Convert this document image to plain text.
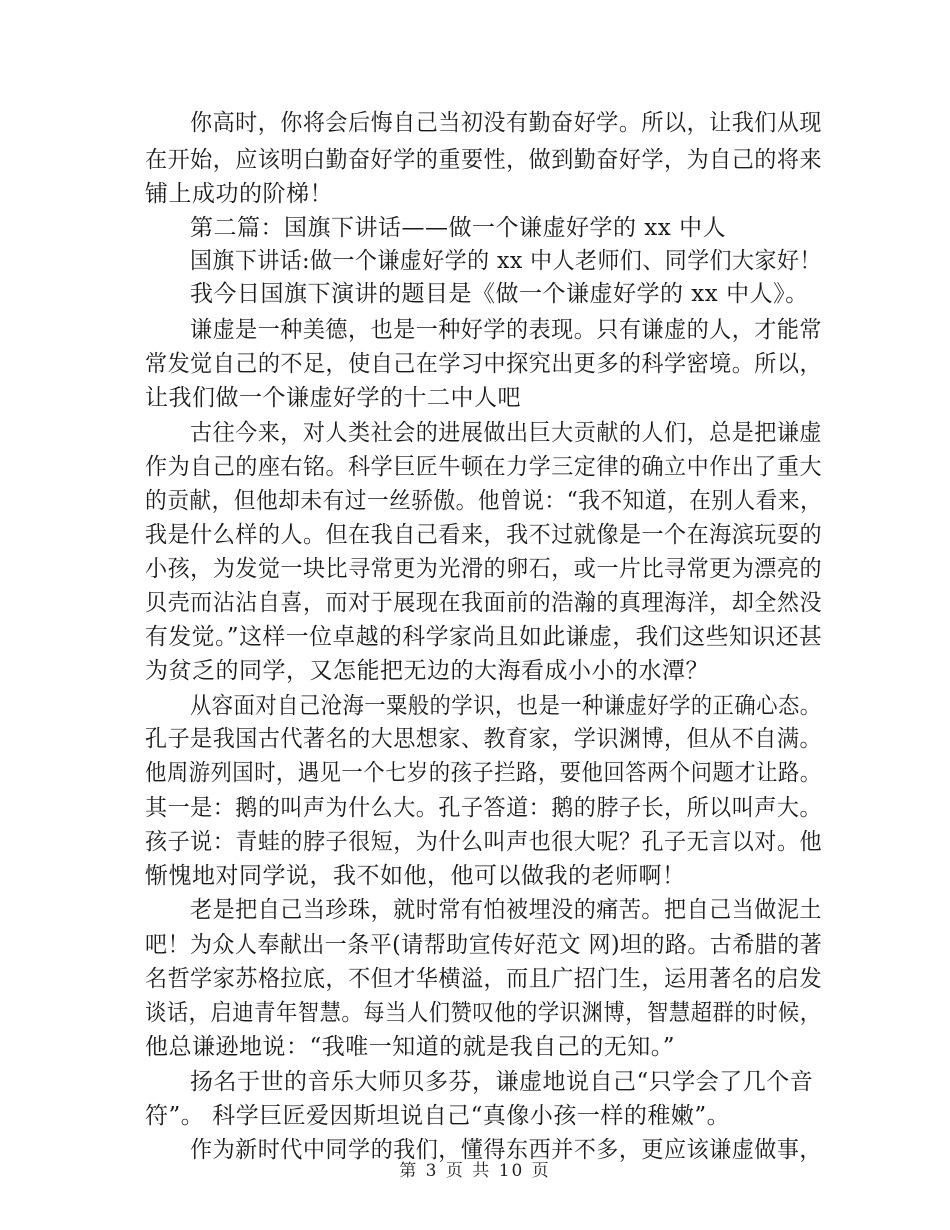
你高时，你将会后悔自己当初没有勤奋好学。所以，让我们从现
在开始，应该明白勤奋好学的重要性，做到勤奋好学，为自己的将来
铺上成功的阶梯！
第二篇：国旗下讲话——做一个谦虚好学的 xx 中人
国旗下讲话:做一个谦虚好学的 xx 中人老师们、同学们大家好！
我今日国旗下演讲的题目是《做一个谦虚好学的 xx 中人》。
谦虚是一种美德，也是一种好学的表现。只有谦虚的人，才能常
常发觉自己的不足，使自己在学习中探究出更多的科学密境。所以，
让我们做一个谦虚好学的十二中人吧
古往今来，对人类社会的进展做出巨大贡献的人们，总是把谦虚
作为自己的座右铭。科学巨匠牛顿在力学三定律的确立中作出了重大
的贡献，但他却未有过一丝骄傲。他曾说：“我不知道，在别人看来，
我是什么样的人。但在我自己看来，我不过就像是一个在海滨玩耍的
小孩，为发觉一块比寻常更为光滑的卵石，或一片比寻常更为漂亮的
贝壳而沾沾自喜，而对于展现在我面前的浩瀚的真理海洋，却全然没
有发觉。”这样一位卓越的科学家尚且如此谦虚，我们这些知识还甚
为贫乏的同学，又怎能把无边的大海看成小小的水潭？
从容面对自己沧海一粟般的学识，也是一种谦虚好学的正确心态。
孔子是我国古代著名的大思想家、教育家，学识渊博，但从不自满。
他周游列国时，遇见一个七岁的孩子拦路，要他回答两个问题才让路。
其一是：鹅的叫声为什么大。孔子答道：鹅的脖子长，所以叫声大。
孩子说：青蛙的脖子很短，为什么叫声也很大呢？孔子无言以对。他
惭愧地对同学说，我不如他，他可以做我的老师啊！
老是把自己当珍珠，就时常有怕被埋没的痛苦。把自己当做泥土
吧！为众人奉献出一条平(请帮助宣传好范文 网)坦的路。古希腊的著
名哲学家苏格拉底，不但才华横溢，而且广招门生，运用著名的启发
谈话，启迪青年智慧。每当人们赞叹他的学识渊博，智慧超群的时候，
他总谦逊地说：“我唯一知道的就是我自己的无知。”
扬名于世的音乐大师贝多芬，谦虚地说自己“只学会了几个音
符”。 科学巨匠爱因斯坦说自己“真像小孩一样的稚嫩”。
作为新时代中同学的我们，懂得东西并不多，更应该谦虚做事，
第 3 页 共 10 页
